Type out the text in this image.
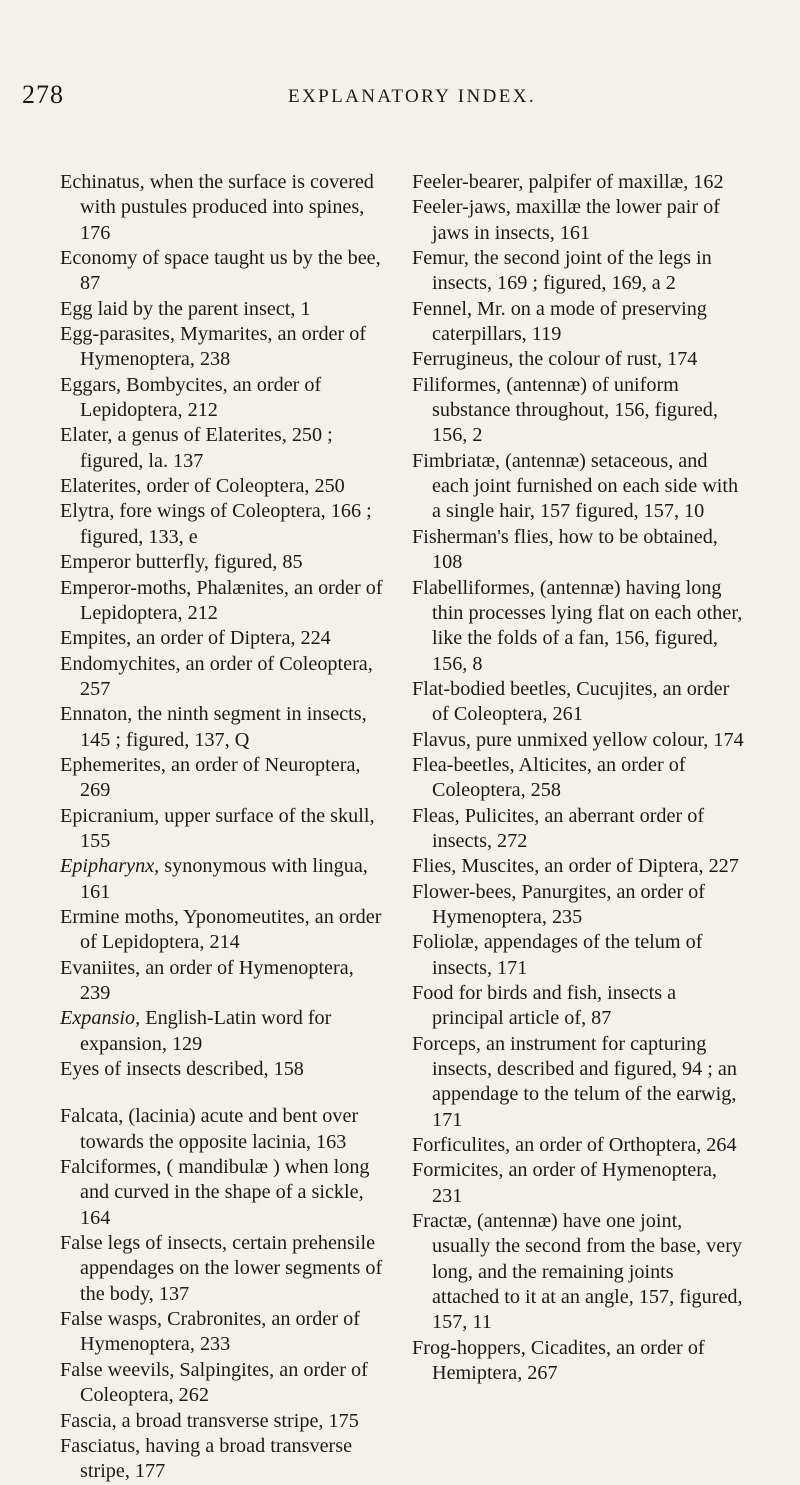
278	EXPLANATORY INDEX.

Echinatus, when the surface is covered with pustules produced into spines, 176

Economy of space taught us by the bee, 87

Egg laid by the parent insect, 1

Egg-parasites, Mymarites, an order of Hymenoptera, 238

Eggars, Bombycites, an order of Lepidoptera, 212

Elater, a genus of Elaterites, 250 ; figured, la. 137

Elaterites, order of Coleoptera, 250

Elytra, fore wings of Coleoptera, 166 ; figured, 133, e

Emperor butterfly, figured, 85

Emperor-moths, Phalænites, an order of Lepidoptera, 212

Empites, an order of Diptera, 224

Endomychites, an order of Coleoptera, 257

Ennaton, the ninth segment in insects, 145 ; figured, 137, Q

Ephemerites, an order of Neuroptera, 269

Epicranium, upper surface of the skull, 155

Epipharynx, synonymous with lingua, 161

Ermine moths, Yponomeutites, an order of Lepidoptera, 214

Evaniites, an order of Hymenoptera, 239

Expansio, English-Latin word for expansion, 129

Eyes of insects described, 158

Falcata, (lacinia) acute and bent over towards the opposite lacinia, 163

Falciformes, ( mandibulæ ) when long and curved in the shape of a sickle, 164

False legs of insects, certain prehensile appendages on the lower segments of the body, 137

False wasps, Crabronites, an order of Hymenoptera, 233

False weevils, Salpingites, an order of Coleoptera, 262

Fascia, a broad transverse stripe, 175

Fasciatus, having a broad transverse stripe, 177

Feeler-bearer, palpifer of maxillæ, 162

Feeler-jaws, maxillæ the lower pair of jaws in insects, 161

Femur, the second joint of the legs in insects, 169 ; figured, 169, a 2

Fennel, Mr. on a mode of preserving caterpillars, 119

Ferrugineus, the colour of rust, 174

Filiformes, (antennæ) of uniform substance throughout, 156, figured, 156, 2

Fimbriatæ, (antennæ) setaceous, and each joint furnished on each side with a single hair, 157 figured, 157, 10

Fisherman's flies, how to be obtained, 108

Flabelliformes, (antennæ) having long thin processes lying flat on each other, like the folds of a fan, 156, figured, 156, 8

Flat-bodied beetles, Cucujites, an order of Coleoptera, 261

Flavus, pure unmixed yellow colour, 174

Flea-beetles, Alticites, an order of Coleoptera, 258

Fleas, Pulicites, an aberrant order of insects, 272

Flies, Muscites, an order of Diptera, 227

Flower-bees, Panurgites, an order of Hymenoptera, 235

Foliolæ, appendages of the telum of insects, 171

Food for birds and fish, insects a principal article of, 87

Forceps, an instrument for capturing insects, described and figured, 94 ; an appendage to the telum of the earwig, 171

Forficulites, an order of Orthoptera, 264

Formicites, an order of Hymenoptera, 231

Fractæ, (antennæ) have one joint, usually the second from the base, very long, and the remaining joints attached to it at an angle, 157, figured, 157, 11

Frog-hoppers, Cicadites, an order of Hemiptera, 267
